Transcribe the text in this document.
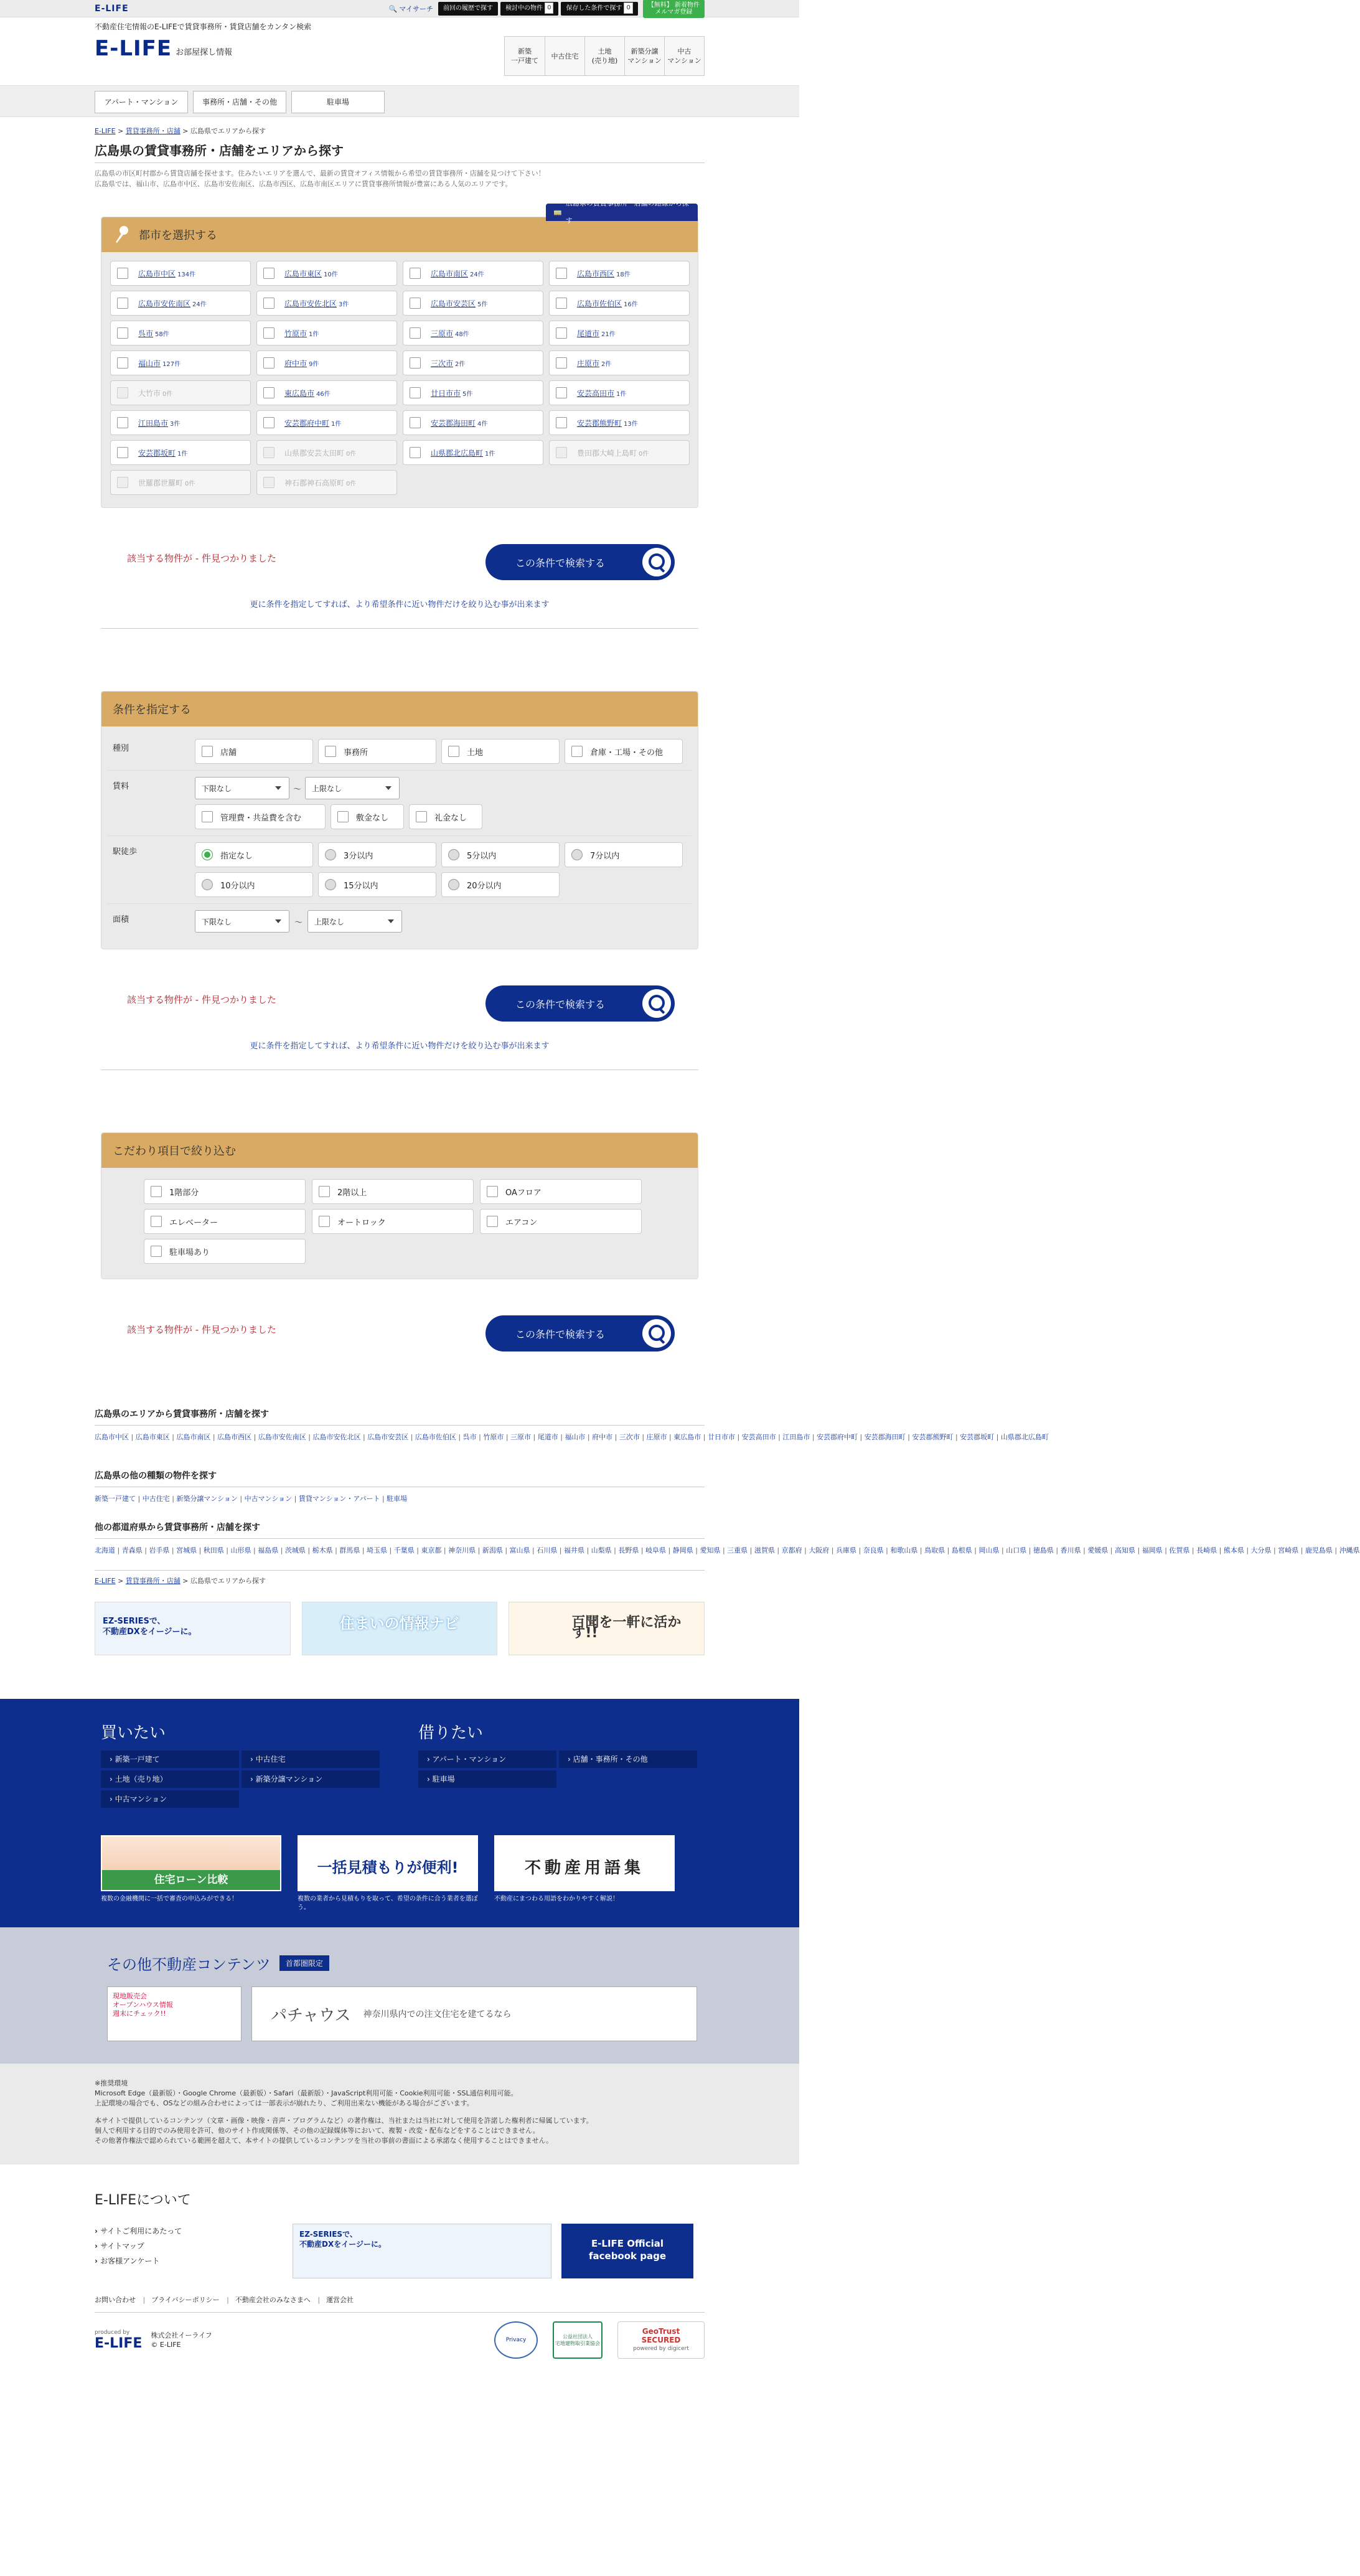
E-LIFE	🔍 マイサーチ	前回の履歴で探す	検討中の物件 0	保存した条件で探す 0	【無料】 新着物件
メルマガ登録
不動産住宅情報のE-LIFEで賃貸事務所・賃貸店舗をカンタン検索
E-LIFE お部屋探し情報	新築
一戸建て
中古住宅
土地
(売り地)
新築分譲
マンション
中古
マンション
アパート・マンション	事務所・店舗・その他	駐車場
E-LIFE > 賃貸事務所・店舗 > 広島県でエリアから探す
広島県の賃貸事務所・店舗をエリアから探す
広島県の市区町村郡から賃貸店舗を探せます。住みたいエリアを選んで、最新の賃貸オフィス情報から希望の賃貸事務所・店舗を見つけて下さい！
広島県では、福山市、広島市中区、広島市安佐南区、広島市西区、広島市南区エリアに賃貸事務所情報が豊富にある人気のエリアです。
都市を選択する
🚃
広島県の賃貸事務所・店舗の路線から探す
広島市中区 134件	広島市東区 10件	広島市南区 24件	広島市西区 18件
広島市安佐南区 24件	広島市安佐北区 3件	広島市安芸区 5件	広島市佐伯区 16件
呉市 58件	竹原市 1件	三原市 48件	尾道市 21件
福山市 127件	府中市 9件	三次市 2件	庄原市 2件
大竹市 0件	東広島市 46件	廿日市市 5件	安芸高田市 1件
江田島市 3件	安芸郡府中町 1件	安芸郡海田町 4件	安芸郡熊野町 13件
安芸郡坂町 1件	山県郡安芸太田町 0件	山県郡北広島町 1件	豊田郡大崎上島町 0件
世羅郡世羅町 0件	神石郡神石高原町 0件
該当する物件が - 件見つかりました	この条件で検索する
更に条件を指定してすれば、より希望条件に近い物件だけを絞り込む事が出来ます
条件を指定する
種別	店舗	事務所	土地	倉庫・工場・その他
賃料	下限なし	～	上限なし
管理費・共益費を含む	敷金なし	礼金なし
駅徒歩	指定なし	3分以内	5分以内	7分以内
10分以内	15分以内	20分以内
面積	下限なし	～	上限なし
該当する物件が - 件見つかりました	この条件で検索する
更に条件を指定してすれば、より希望条件に近い物件だけを絞り込む事が出来ます
こだわり項目で絞り込む
1階部分	2階以上	OAフロア
エレベーター	オートロック	エアコン
駐車場あり
該当する物件が - 件見つかりました	この条件で検索する
広島県のエリアから賃貸事務所・店舗を探す
広島市中区 | 広島市東区 | 広島市南区 | 広島市西区 | 広島市安佐南区 | 広島市安佐北区 | 広島市安芸区 | 広島市佐伯区 | 呉市 | 竹原市 | 三原市 | 尾道市 | 福山市 | 府中市 | 三次市 | 庄原市 | 東広島市 | 廿日市市 | 安芸高田市 | 江田島市 | 安芸郡府中町 | 安芸郡海田町 | 安芸郡熊野町 | 安芸郡坂町 | 山県郡北広島町
広島県の他の種類の物件を探す
新築一戸建て | 中古住宅 | 新築分譲マンション | 中古マンション | 賃貸マンション・アパート | 駐車場
他の都道府県から賃貸事務所・店舗を探す
北海道 | 青森県 | 岩手県 | 宮城県 | 秋田県 | 山形県 | 福島県 | 茨城県 | 栃木県 | 群馬県 | 埼玉県 | 千葉県 | 東京都 | 神奈川県 | 新潟県 | 富山県 | 石川県 | 福井県 | 山梨県 | 長野県 | 岐阜県 | 静岡県 | 愛知県 | 三重県 | 滋賀県 | 京都府 | 大阪府 | 兵庫県 | 奈良県 | 和歌山県 | 鳥取県 | 島根県 | 岡山県 | 山口県 | 徳島県 | 香川県 | 愛媛県 | 高知県 | 福岡県 | 佐賀県 | 長崎県 | 熊本県 | 大分県 | 宮崎県 | 鹿児島県 | 沖縄県
E-LIFE > 賃貸事務所・店舗 > 広島県でエリアから探す
EZ-SERIESで、
不動産DXをイージーに。	住まいの情報ナビ	百聞を一軒に活かす!!
買いたい
› 新築一戸建て	› 中古住宅
› 土地（売り地）	› 新築分譲マンション
› 中古マンション
借りたい
› アパート・マンション	› 店舗・事務所・その他
› 駐車場
住宅ローン比較

複数の金融機関に一括で審査の申込みができる！

一括見積もりが便利!

複数の業者から見積もりを取って、希望の条件に合う業者を選ぼう。

不動産用語集

不動産にまつわる用語をわかりやすく解説！

その他不動産コンテンツ	首都圏限定
現地販売会
オープンハウス情報
週末にチェック!!	パチャウス 神奈川県内での注文住宅を建てるなら

※推奨環境

Microsoft Edge（最新版）・Google Chrome（最新版）・Safari（最新版）・JavaScript利用可能・Cookie利用可能・SSL通信利用可能。

上記環境の場合でも、OSなどの組み合わせによっては一部表示が崩れたり、ご利用出来ない機能がある場合がございます。

本サイトで提供しているコンテンツ（文章・画像・映像・音声・プログラムなど）の著作権は、当社または当社に対して使用を許諾した権利者に帰属しています。

個人で利用する目的でのみ使用を許可、他のサイト作成関係等、その他の記録媒体等において、複製・改変・配布などをすることはできません。

その他著作権法で認められている範囲を超えて、本サイトの提供しているコンテンツを当社の事前の書面による承諾なく使用することはできません。

E-LIFEについて
› サイトご利用にあたって
› サイトマップ
› お客様アンケート
EZ-SERIESで、
不動産DXをイージーに。	E-LIFE Official
facebook page
お問い合わせ |	プライバシーポリシー |	不動産会社のみなさまへ |	運営会社
produced by
E-LIFE 株式会社イーライフ
© E-LIFE
Privacy
公益社団法人
宅地建物取引業協会
GeoTrust
SECURED
powered by digicert
